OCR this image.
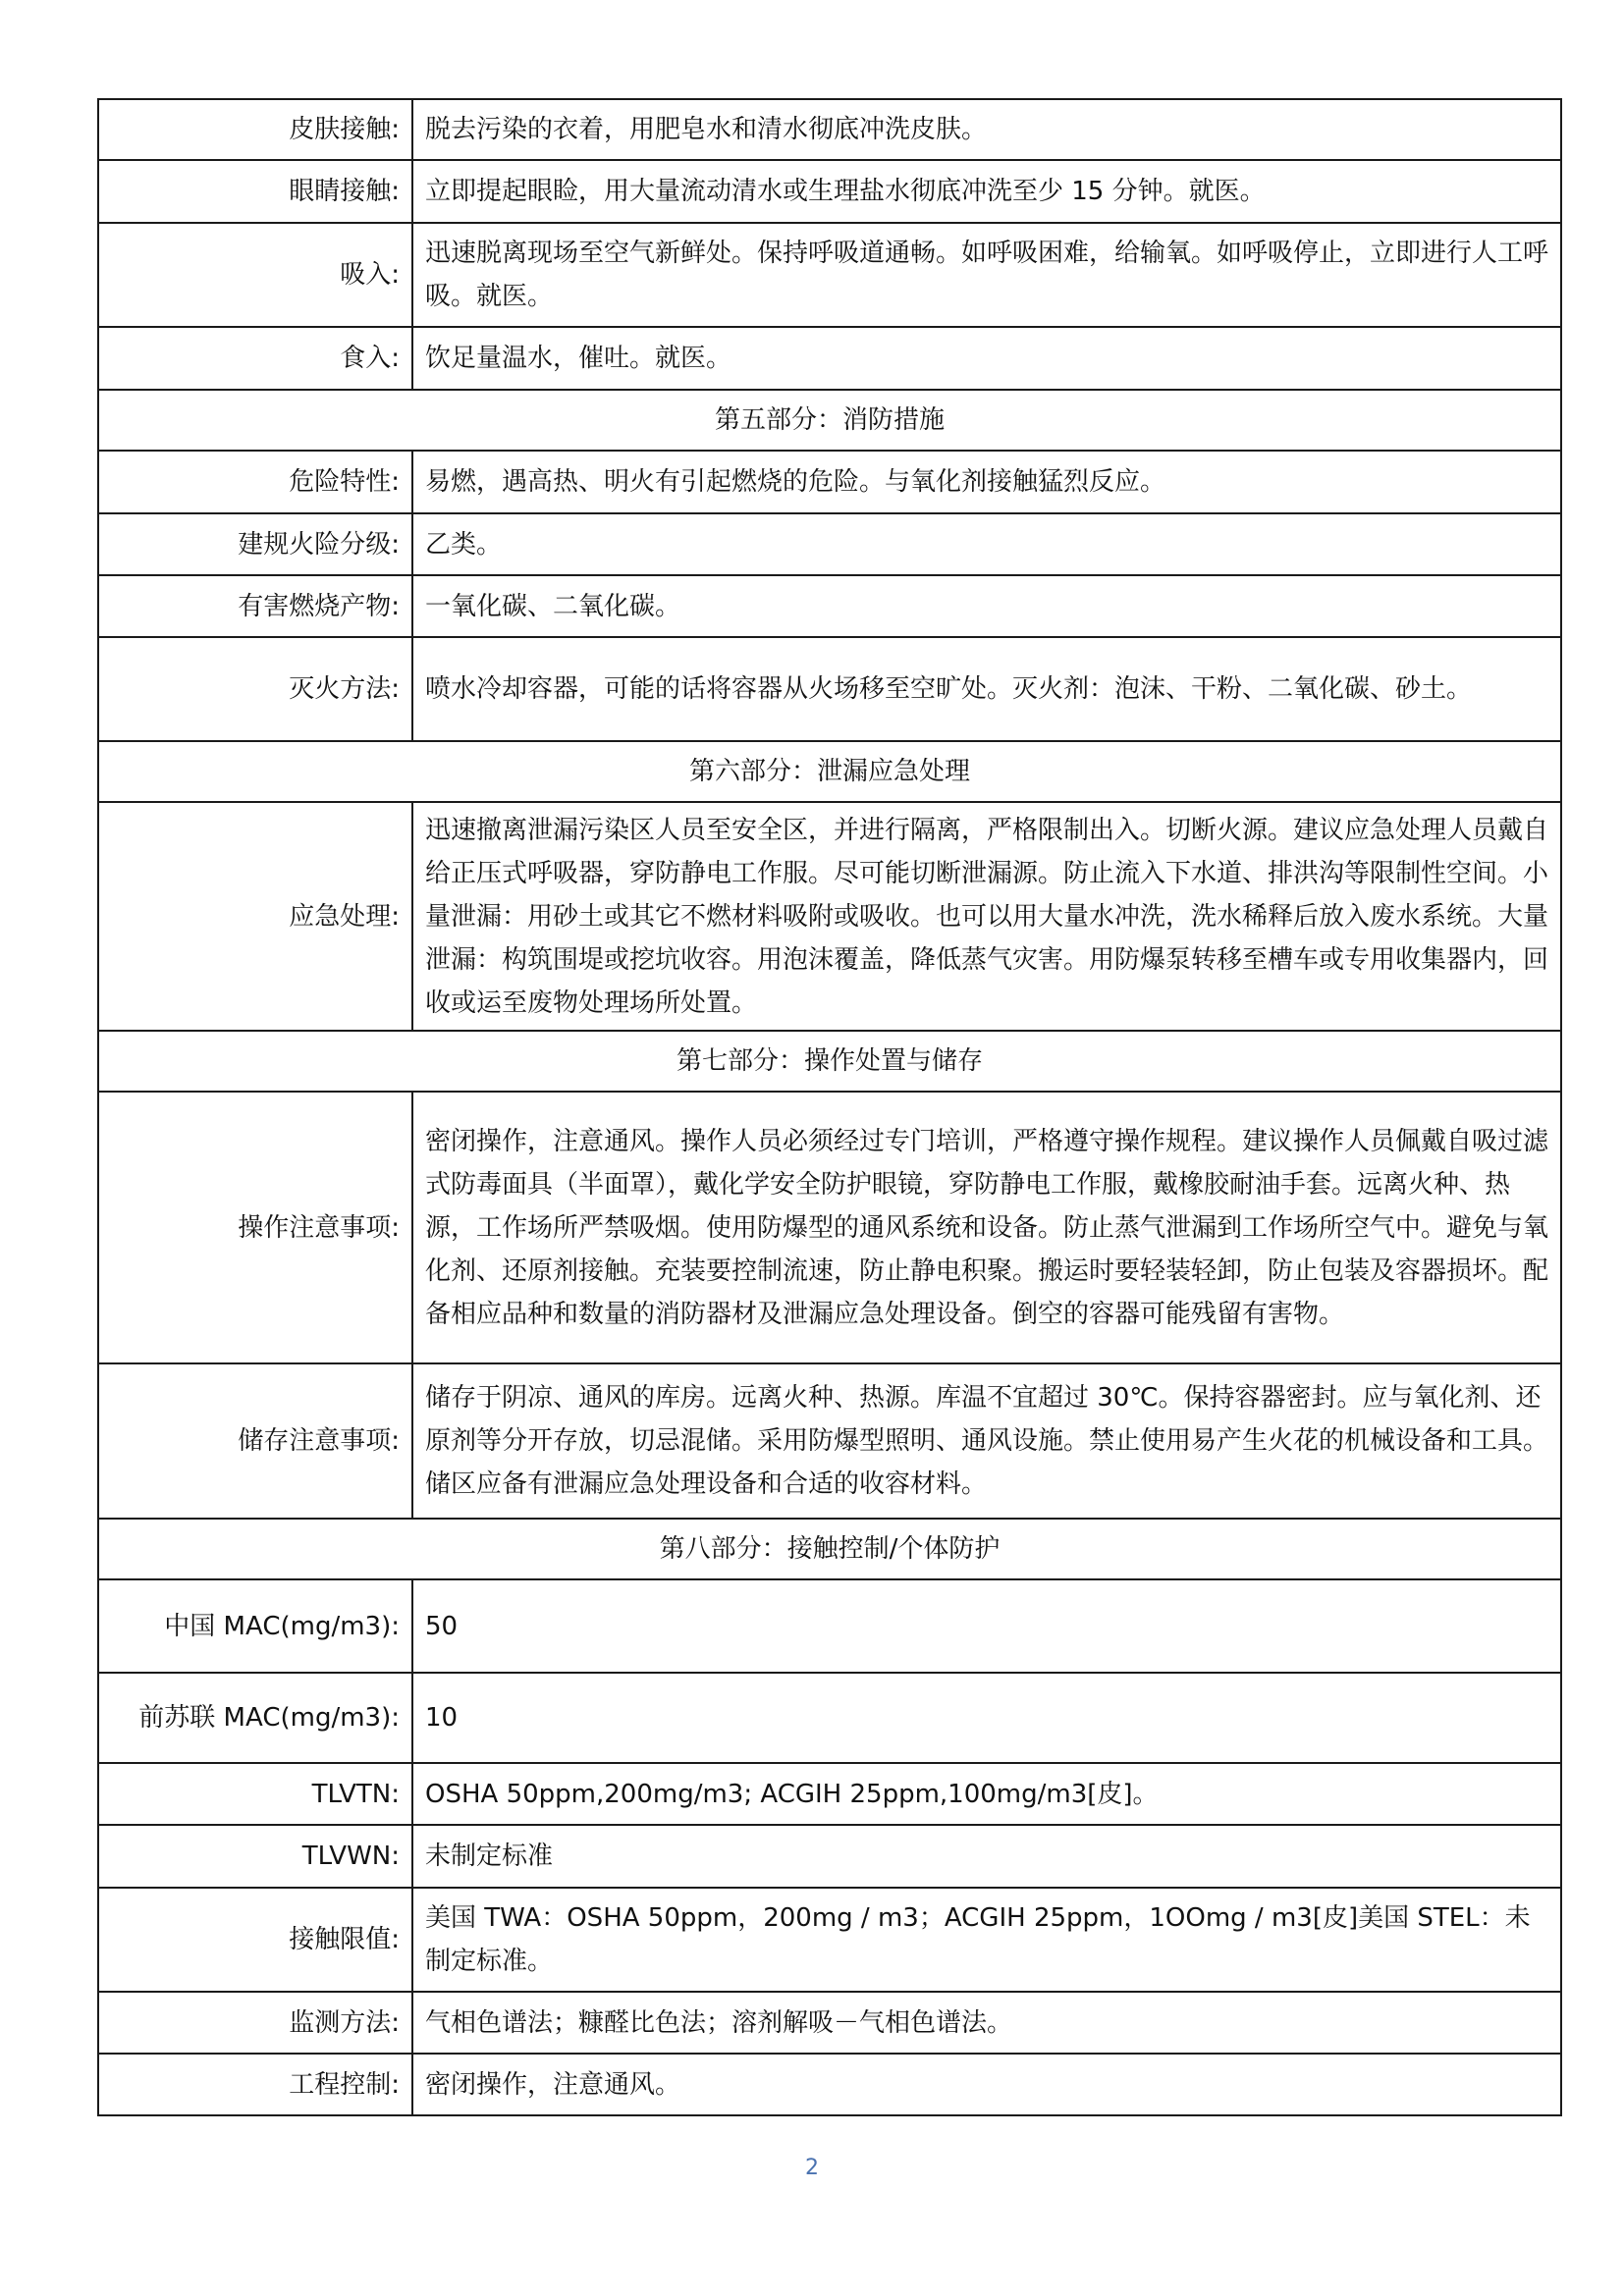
皮肤接触:	脱去污染的衣着，用肥皂水和清水彻底冲洗皮肤。
眼睛接触:	立即提起眼睑，用大量流动清水或生理盐水彻底冲洗至少 15 分钟。就医。
吸入:	迅速脱离现场至空气新鲜处。保持呼吸道通畅。如呼吸困难，给输氧。如呼吸停止，立即进行人工呼吸。就医。
食入:	饮足量温水，催吐。就医。
第五部分：消防措施	
危险特性:	易燃，遇高热、明火有引起燃烧的危险。与氧化剂接触猛烈反应。
建规火险分级:	乙类。
有害燃烧产物:	一氧化碳、二氧化碳。
灭火方法:	喷水冷却容器，可能的话将容器从火场移至空旷处。灭火剂：泡沫、干粉、二氧化碳、砂土。
第六部分：泄漏应急处理	
应急处理:	迅速撤离泄漏污染区人员至安全区，并进行隔离，严格限制出入。切断火源。建议应急处理人员戴自给正压式呼吸器，穿防静电工作服。尽可能切断泄漏源。防止流入下水道、排洪沟等限制性空间。小量泄漏：用砂土或其它不燃材料吸附或吸收。也可以用大量水冲洗，洗水稀释后放入废水系统。大量泄漏：构筑围堤或挖坑收容。用泡沫覆盖，降低蒸气灾害。用防爆泵转移至槽车或专用收集器内，回收或运至废物处理场所处置。
第七部分：操作处置与储存	
操作注意事项:	密闭操作，注意通风。操作人员必须经过专门培训，严格遵守操作规程。建议操作人员佩戴自吸过滤式防毒面具（半面罩），戴化学安全防护眼镜，穿防静电工作服，戴橡胶耐油手套。远离火种、热源，工作场所严禁吸烟。使用防爆型的通风系统和设备。防止蒸气泄漏到工作场所空气中。避免与氧化剂、还原剂接触。充装要控制流速，防止静电积聚。搬运时要轻装轻卸，防止包装及容器损坏。配备相应品种和数量的消防器材及泄漏应急处理设备。倒空的容器可能残留有害物。
储存注意事项:	储存于阴凉、通风的库房。远离火种、热源。库温不宜超过 30℃。保持容器密封。应与氧化剂、还原剂等分开存放，切忌混储。采用防爆型照明、通风设施。禁止使用易产生火花的机械设备和工具。储区应备有泄漏应急处理设备和合适的收容材料。
第八部分：接触控制/个体防护	
中国 MAC(mg/m3):	50
前苏联 MAC(mg/m3):	10
TLVTN:	OSHA 50ppm,200mg/m3; ACGIH 25ppm,100mg/m3[皮]。
TLVWN:	未制定标准
接触限值:	美国 TWA：OSHA 50ppm，200mg / m3；ACGIH 25ppm，1OOmg / m3[皮]美国 STEL：未制定标准。
监测方法:	气相色谱法；糠醛比色法；溶剂解吸－气相色谱法。
工程控制:	密闭操作，注意通风。
2
